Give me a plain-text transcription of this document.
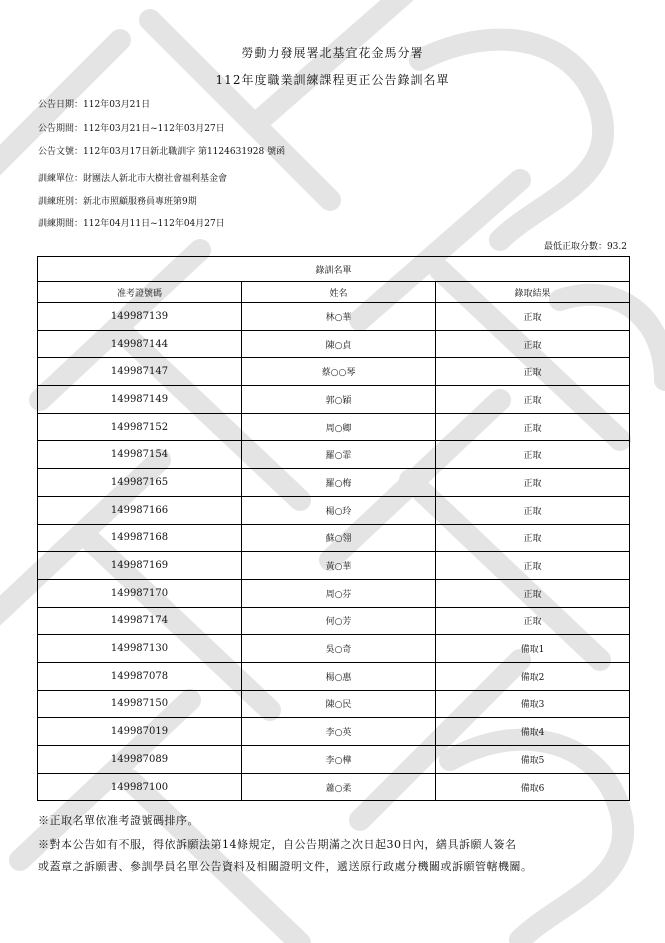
勞動力發展署北基宜花金馬分署
112年度職業訓練課程更正公告錄訓名單
公告日期：112年03月21日
公告期間：112年03月21日~112年03月27日
公告文號：112年03月17日新北職訓字 第1124631928 號函
訓練單位：財團法人新北市大樹社會福利基金會
訓練班別：新北市照顧服務員專班第9期
訓練期間：112年04月11日~112年04月27日
最低正取分數：93.2
錄訓名單		
准考證號碼	姓名	錄取結果
149987139	林○華	正取
149987144	陳○貞	正取
149987147	蔡○○琴	正取
149987149	郭○穎	正取
149987152	周○卿	正取
149987154	羅○霏	正取
149987165	羅○梅	正取
149987166	楊○玲	正取
149987168	蘇○翎	正取
149987169	黃○華	正取
149987170	周○芬	正取
149987174	何○芳	正取
149987130	吳○奇	備取1
149987078	楊○惠	備取2
149987150	陳○民	備取3
149987019	李○英	備取4
149987089	李○樺	備取5
149987100	蕭○柔	備取6
※正取名單依准考證號碼排序。
※對本公告如有不服，得依訴願法第14條規定，自公告期滿之次日起30日內，繕具訴願人簽名
或蓋章之訴願書、參訓學員名單公告資料及相關證明文件，遞送原行政處分機關或訴願管轄機關。
